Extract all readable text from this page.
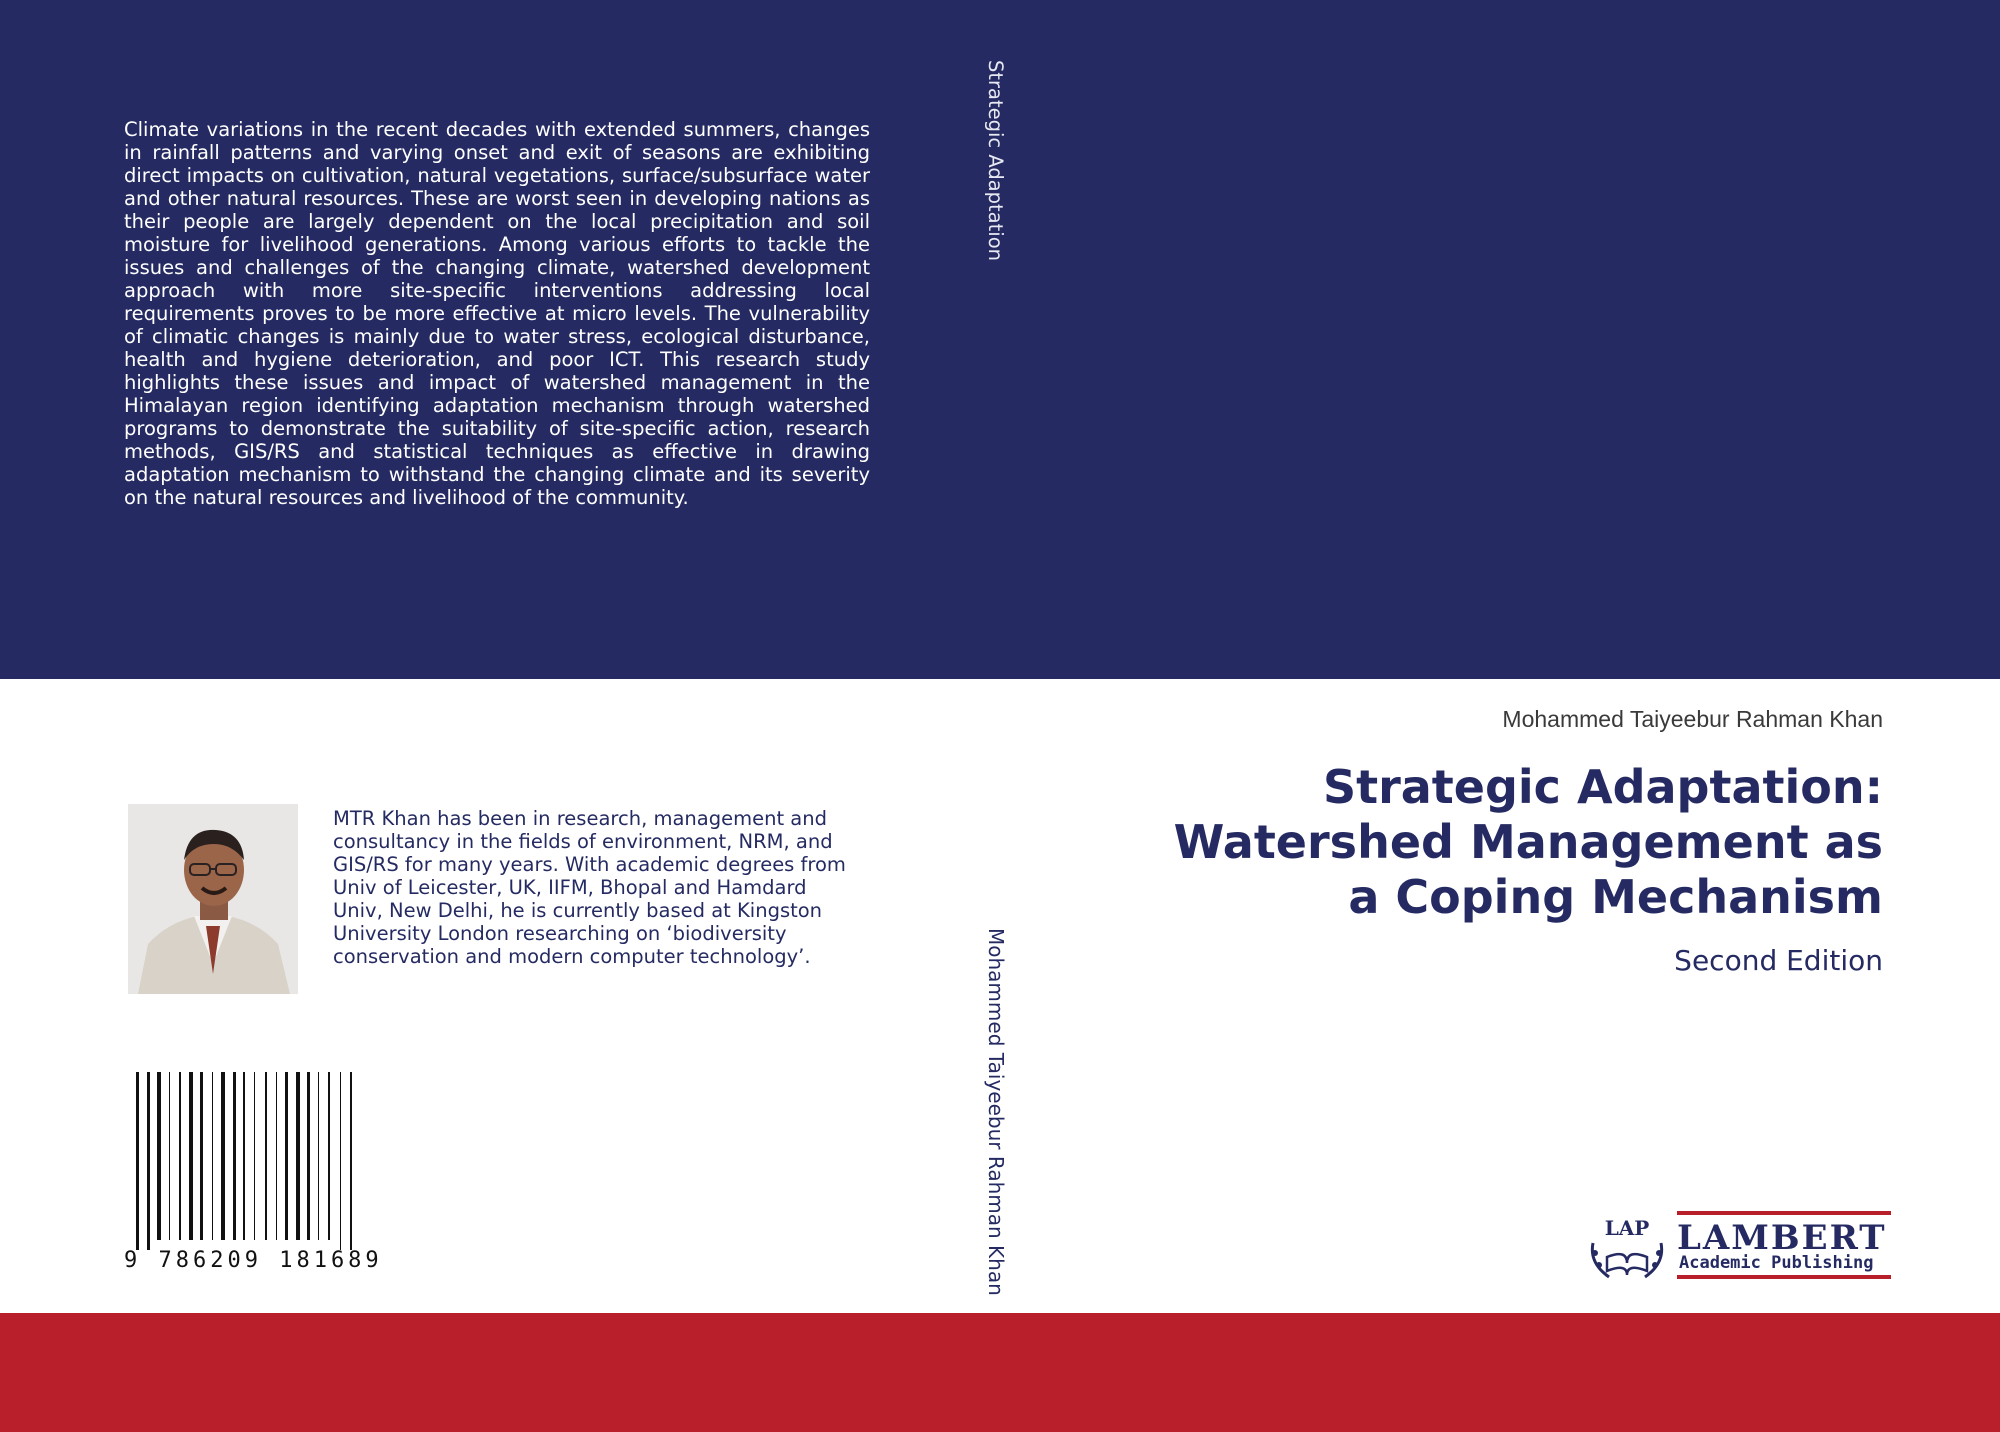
Climate variations in the recent decades with extended summers, changes in rainfall patterns and varying onset and exit of seasons are exhibiting direct impacts on cultivation, natural vegetations, surface/subsurface water and other natural resources. These are worst seen in developing nations as their people are largely dependent on the local precipitation and soil moisture for livelihood generations. Among various efforts to tackle the issues and challenges of the changing climate, watershed development approach with more site-specific interventions addressing local requirements proves to be more effective at micro levels. The vulnerability of climatic changes is mainly due to water stress, ecological disturbance, health and hygiene deterioration, and poor ICT. This research study highlights these issues and impact of watershed management in the Himalayan region identifying adaptation mechanism through watershed programs to demonstrate the suitability of site-specific action, research methods, GIS/RS and statistical techniques as effective in drawing adaptation mechanism to withstand the changing climate and its severity on the natural resources and livelihood of the community.

Strategic Adaptation
Mohammed Taiyeebur Rahman Khan

Mohammed Taiyeebur Rahman Khan

Strategic Adaptation:
Watershed Management as
a Coping Mechanism

Second Edition

MTR Khan has been in research, management and consultancy in the fields of environment, NRM, and GIS/RS for many years. With academic degrees from Univ of Leicester, UK, IIFM, Bhopal and Hamdard Univ, New Delhi, he is currently based at Kingston University London researching on ‘biodiversity conservation and modern computer technology’.

9 786209 181689
LAP LAMBERT
Academic Publishing
